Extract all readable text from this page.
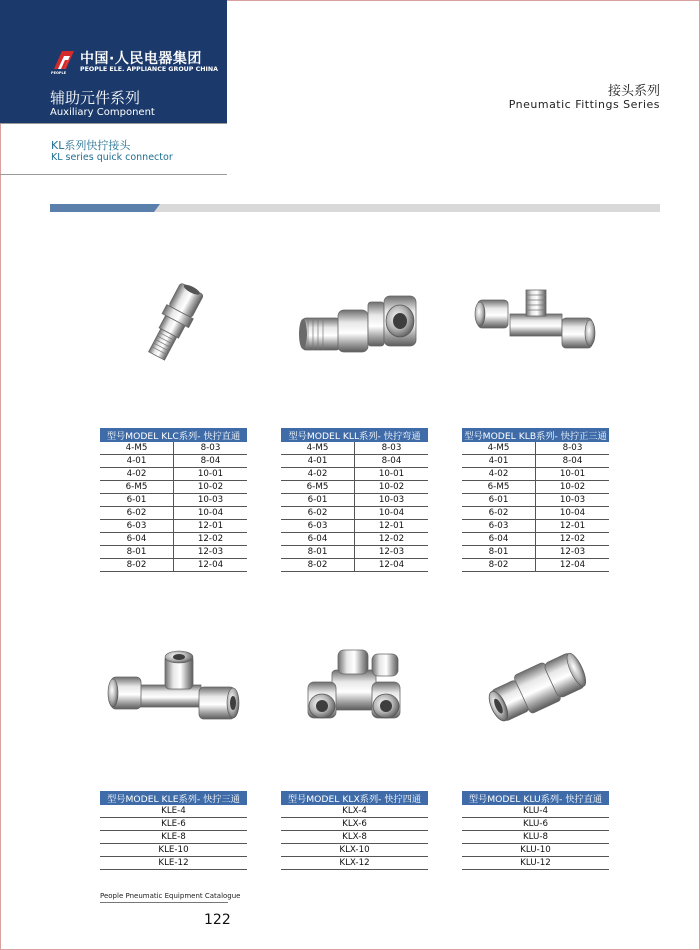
中国·人民电器集团
PEOPLE ELE. APPLIANCE GROUP CHINA
PEOPLE
辅助元件系列
Auxiliary Component
接头系列
Pneumatic Fittings Series
KL系列快拧接头
KL series quick connector
型号MODEL KLC系列- 快拧直通	
4-M5	8-03
4-01	8-04
4-02	10-01
6-M5	10-02
6-01	10-03
6-02	10-04
6-03	12-01
6-04	12-02
8-01	12-03
8-02	12-04
型号MODEL KLL系列- 快拧弯通	
4-M5	8-03
4-01	8-04
4-02	10-01
6-M5	10-02
6-01	10-03
6-02	10-04
6-03	12-01
6-04	12-02
8-01	12-03
8-02	12-04
型号MODEL KLB系列- 快拧正三通	
4-M5	8-03
4-01	8-04
4-02	10-01
6-M5	10-02
6-01	10-03
6-02	10-04
6-03	12-01
6-04	12-02
8-01	12-03
8-02	12-04
型号MODEL KLE系列- 快拧三通
KLE-4
KLE-6
KLE-8
KLE-10
KLE-12
型号MODEL KLX系列- 快拧四通
KLX-4
KLX-6
KLX-8
KLX-10
KLX-12
型号MODEL KLU系列- 快拧直通
KLU-4
KLU-6
KLU-8
KLU-10
KLU-12
People Pneumatic Equipment Catalogue
122
